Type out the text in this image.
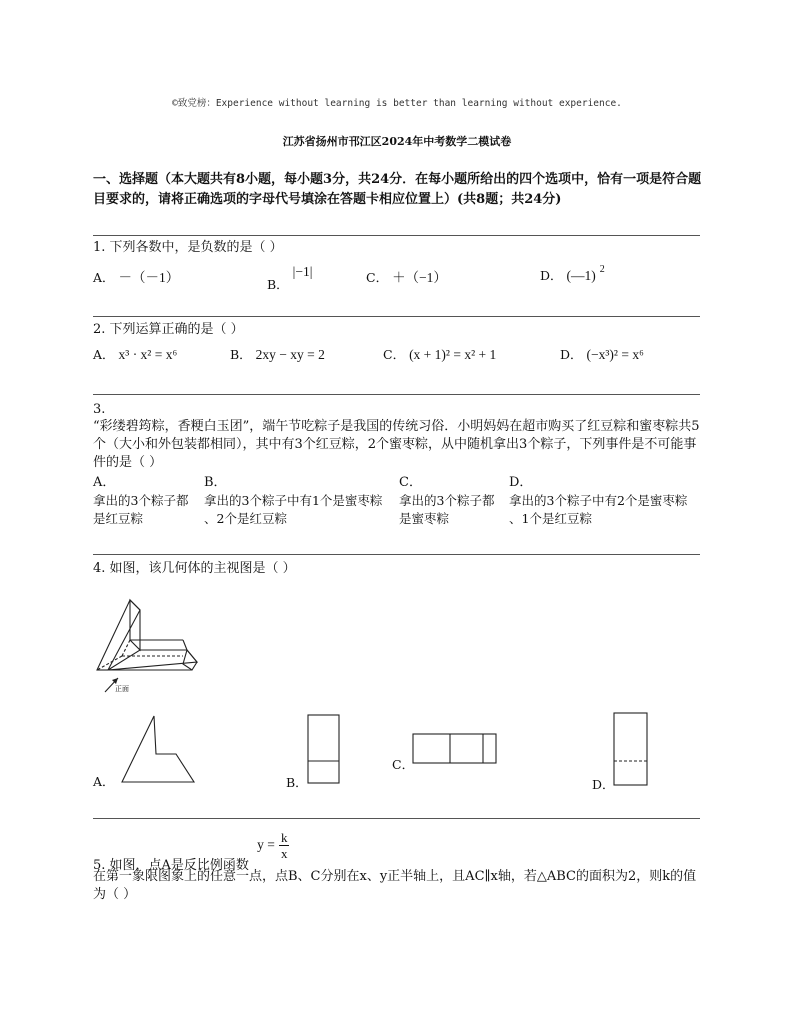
©致党榜：Experience without learning is better than learning without experience.
江苏省扬州市邗江区2024年中考数学二模试卷
一、选择题（本大题共有8小题，每小题3分，共24分．在每小题所给出的四个选项中，恰有一项是符合题目要求的，请将正确选项的字母代号填涂在答题卡相应位置上）(共8题；共24分)
1. 下列各数中，是负数的是（ ）
A． －（－1）	B． |−1|	C． ＋（−1）	D． (—1) $^2$
2. 下列运算正确的是（ ）
A． x³ · x² = x⁶	B． 2xy − xy = 2	C． (x + 1)² = x² + 1	D． (−x³)² = x⁶
3.
“彩缕碧筠粽，香粳白玉团”，端午节吃粽子是我国的传统习俗．小明妈妈在超市购买了红豆粽和蜜枣粽共5个（大小和外包装都相同），其中有3个红豆粽，2个蜜枣粽，从中随机拿出3个粽子，下列事件是不可能事件的是（ ）
A．
拿出的3个粽子都
是红豆粽
B．
拿出的3个粽子中有1个是蜜枣粽
、2个是红豆粽
C．
拿出的3个粽子都
是蜜枣粽
D．
拿出的3个粽子中有2个是蜜枣粽
、1个是红豆粽
4. 如图，该几何体的主视图是（ ）
正面
A．	B．
C．
D．
5. 如图，点A是反比例函数 $y = \frac{k}{x}$
在第一象限图象上的任意一点，点B、C分别在x、y正半轴上，且AC∥x轴，若△ABC的面积为2，则k的值为（ ）
